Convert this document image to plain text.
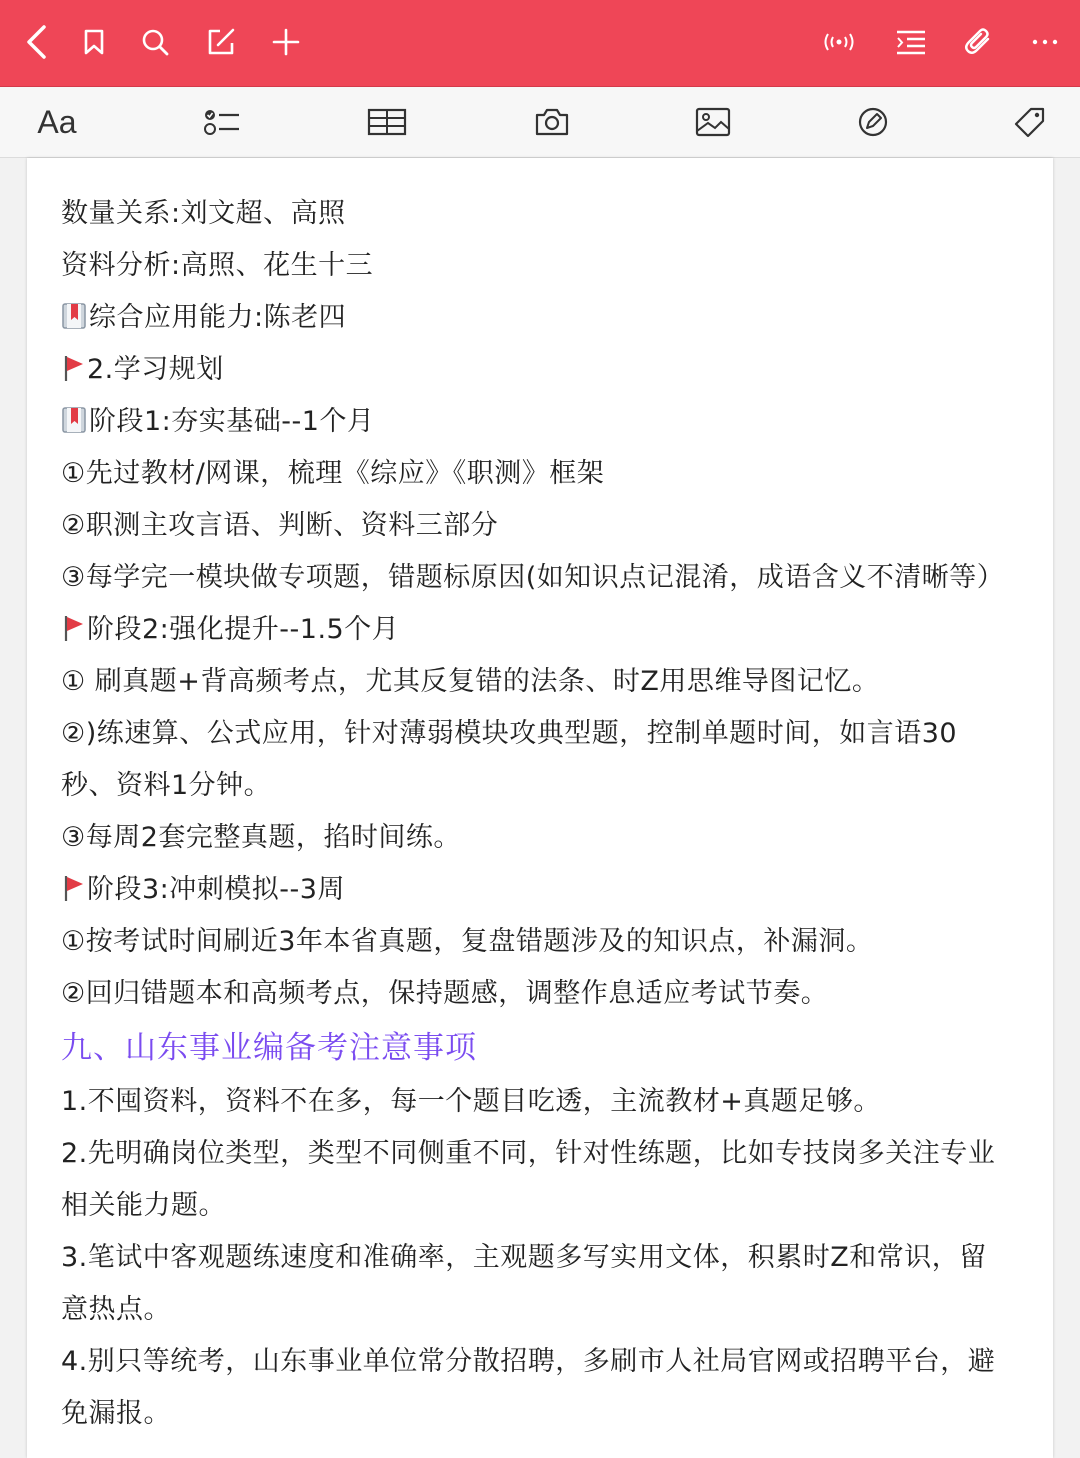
Aa
数量关系:刘文超、高照
资料分析:高照、花生十三
综合应用能力:陈老四
2.学习规划
阶段1:夯实基础--1个月
①先过教材/网课，梳理《综应》《职测》框架
②职测主攻言语、判断、资料三部分
③每学完一模块做专项题，错题标原因(如知识点记混淆，成语含义不清晰等）
阶段2:强化提升--1.5个月
① 刷真题+背高频考点，尤其反复错的法条、时Z用思维导图记忆。
②)练速算、公式应用，针对薄弱模块攻典型题，控制单题时间，如言语30
秒、资料1分钟。
③每周2套完整真题，掐时间练。
阶段3:冲刺模拟--3周
①按考试时间刷近3年本省真题，复盘错题涉及的知识点，补漏洞。
②回归错题本和高频考点，保持题感，调整作息适应考试节奏。
九、山东事业编备考注意事项
1.不囤资料，资料不在多，每一个题目吃透，主流教材+真题足够。
2.先明确岗位类型，类型不同侧重不同，针对性练题，比如专技岗多关注专业
相关能力题。
3.笔试中客观题练速度和准确率，主观题多写实用文体，积累时Z和常识，留
意热点。
4.别只等统考，山东事业单位常分散招聘，多刷市人社局官网或招聘平台，避
免漏报。
